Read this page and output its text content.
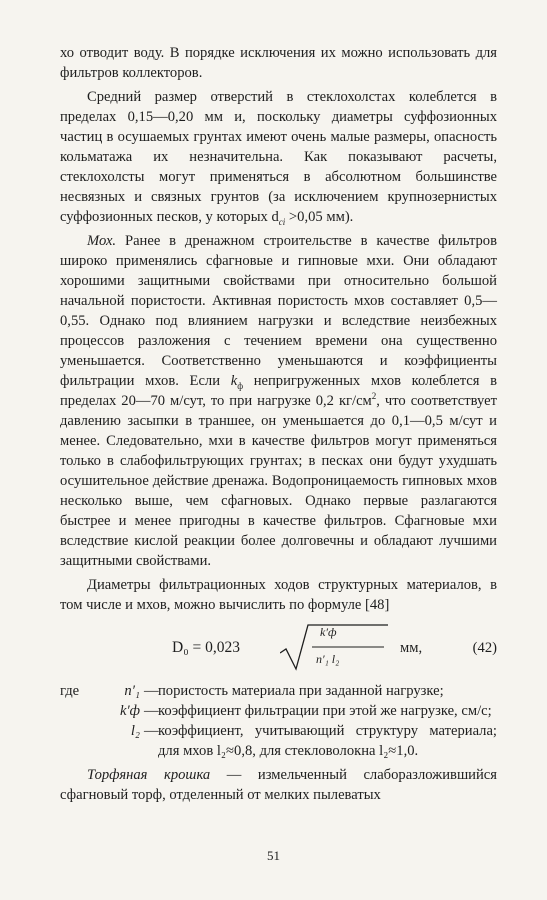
хо отводит воду. В порядке исключения их можно использовать для фильтров коллекторов.

Средний размер отверстий в стеклохолстах колеблется в пределах 0,15—0,20 мм и, поскольку диаметры суффозионных частиц в осушаемых грунтах имеют очень малые размеры, опасность кольматажа их незначительна. Как показывают расчеты, стеклохолсты могут применяться в абсолютном большинстве несвязных и связных грунтов (за исключением крупнозернистых суффозионных песков, у которых $d_{ci} >0,05$ мм).

Мох. Ранее в дренажном строительстве в качестве фильтров широко применялись сфагновые и гипновые мхи. Они обладают хорошими защитными свойствами при относительно большой начальной пористости. Активная пористость мхов составляет 0,5—0,55. Однако под влиянием нагрузки и вследствие неизбежных процессов разложения с течением времени она существенно уменьшается. Соответственно уменьшаются и коэффициенты фильтрации мхов. Если $k_ф$ непригруженных мхов колеблется в пределах 20—70 м/сут, то при нагрузке 0,2 $кг/см^2$, что соответствует давлению засыпки в траншее, он уменьшается до 0,1—0,5 м/сут и менее. Следовательно, мхи в качестве фильтров могут применяться только в слабофильтрующих грунтах; в песках они будут ухудшать осушительное действие дренажа. Водопроницаемость гипновых мхов несколько выше, чем сфагновых. Однако первые разлагаются быстрее и менее пригодны в качестве фильтров. Сфагновые мхи вследствие кислой реакции более долговечны и обладают лучшими защитными свойствами.

Диаметры фильтрационных ходов структурных материалов, в том числе и мхов, можно вычислить по формуле [48]

D₀ = 0,023
k′ф
n′₁ l₂
мм,	(42)
где	n′₁ — пористость материала при заданной нагрузке;
k′ф — коэффициент фильтрации при этой же нагрузке, см/с;
l₂ — коэффициент, учитывающий структуру материала; для мхов l₂≈0,8, для стекловолокна l₂≈1,0.

Торфяная крошка — измельченный слаборазложившийся сфагновый торф, отделенный от мелких пылеватых

51
